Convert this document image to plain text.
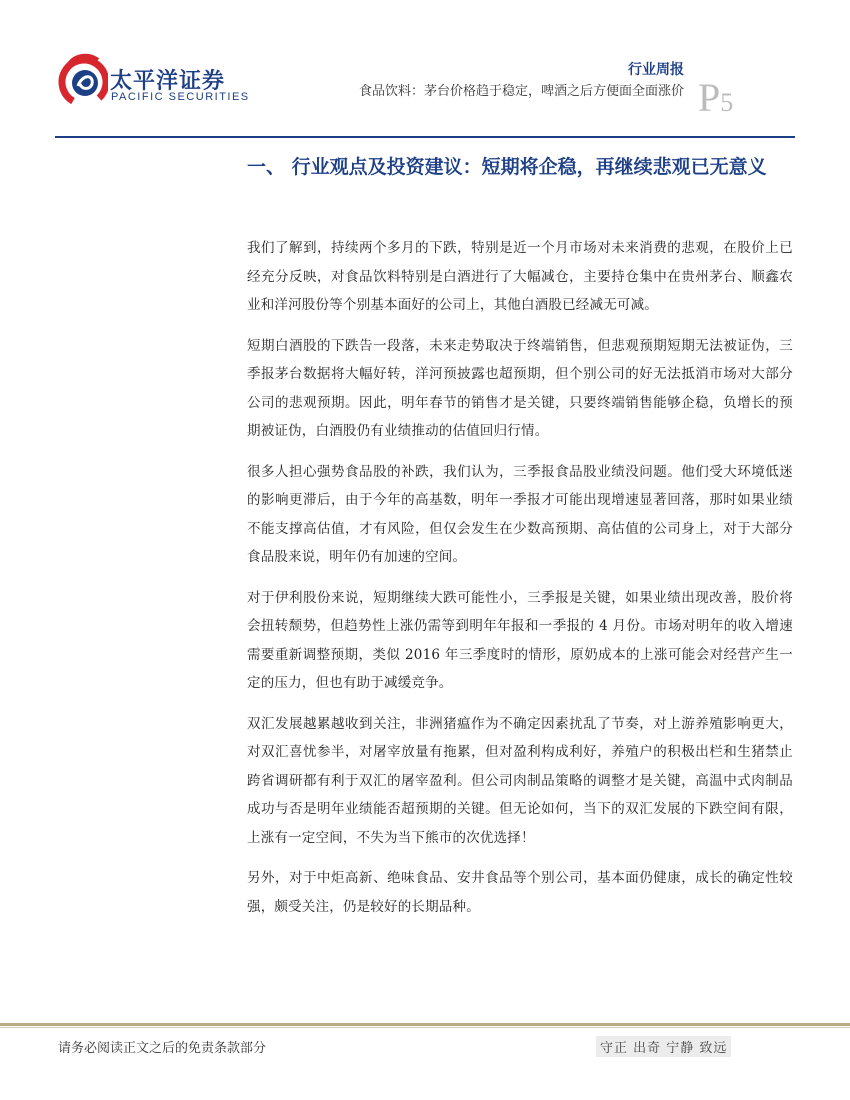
太平洋证券
PACIFIC SECURITIES
行业周报
食品饮料：茅台价格趋于稳定，啤酒之后方便面全面涨价 P5
一、 行业观点及投资建议：短期将企稳，再继续悲观已无意义

我们了解到，持续两个多月的下跌，特别是近一个月市场对未来消费的悲观，在股价上已经充分反映，对食品饮料特别是白酒进行了大幅减仓，主要持仓集中在贵州茅台、顺鑫农业和洋河股份等个别基本面好的公司上，其他白酒股已经减无可减。

短期白酒股的下跌告一段落，未来走势取决于终端销售，但悲观预期短期无法被证伪，三季报茅台数据将大幅好转，洋河预披露也超预期，但个别公司的好无法抵消市场对大部分公司的悲观预期。因此，明年春节的销售才是关键，只要终端销售能够企稳，负增长的预期被证伪，白酒股仍有业绩推动的估值回归行情。

很多人担心强势食品股的补跌，我们认为，三季报食品股业绩没问题。他们受大环境低迷的影响更滞后，由于今年的高基数，明年一季报才可能出现增速显著回落，那时如果业绩不能支撑高估值，才有风险，但仅会发生在少数高预期、高估值的公司身上，对于大部分食品股来说，明年仍有加速的空间。

对于伊利股份来说，短期继续大跌可能性小，三季报是关键，如果业绩出现改善，股价将会扭转颓势，但趋势性上涨仍需等到明年年报和一季报的 4 月份。市场对明年的收入增速需要重新调整预期，类似 2016 年三季度时的情形，原奶成本的上涨可能会对经营产生一定的压力，但也有助于减缓竞争。

双汇发展越累越收到关注，非洲猪瘟作为不确定因素扰乱了节奏，对上游养殖影响更大，对双汇喜忧参半，对屠宰放量有拖累，但对盈利构成利好，养殖户的积极出栏和生猪禁止跨省调研都有利于双汇的屠宰盈利。但公司肉制品策略的调整才是关键，高温中式肉制品成功与否是明年业绩能否超预期的关键。但无论如何，当下的双汇发展的下跌空间有限，上涨有一定空间，不失为当下熊市的次优选择！

另外，对于中炬高新、绝味食品、安井食品等个别公司，基本面仍健康，成长的确定性较强，颇受关注，仍是较好的长期品种。

请务必阅读正文之后的免责条款部分	守正 出奇 宁静 致远
